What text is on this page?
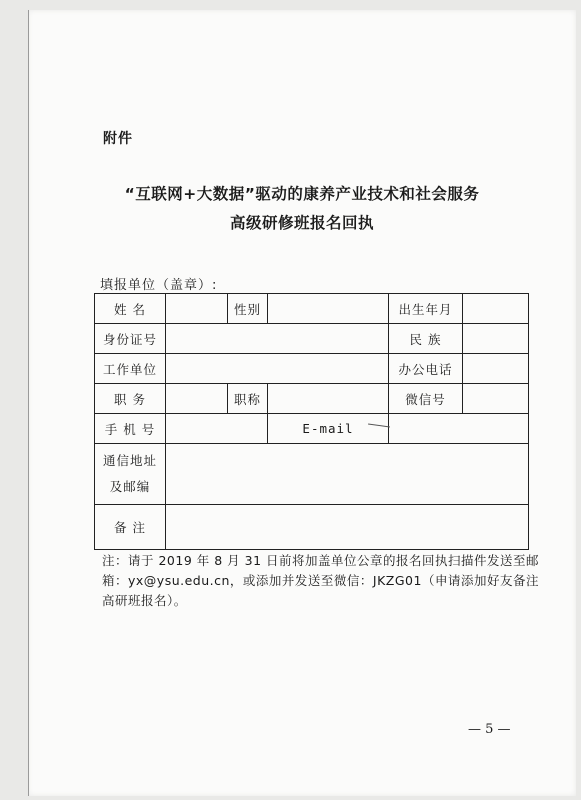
附件
“互联网+大数据”驱动的康养产业技术和社会服务
高级研修班报名回执
填报单位（盖章）:
姓 名		性别		出生年月	
身份证号				民 族	
工作单位				办公电话	
职 务		职称		微信号	
手 机 号			E-mail		

通信地址
及邮编					

备 注					
注：请于 2019 年 8 月 31 日前将加盖单位公章的报名回执扫描件发送至邮箱：yx@ysu.edu.cn，或添加并发送至微信：JKZG01（申请添加好友备注高研班报名）。
— 5 —
